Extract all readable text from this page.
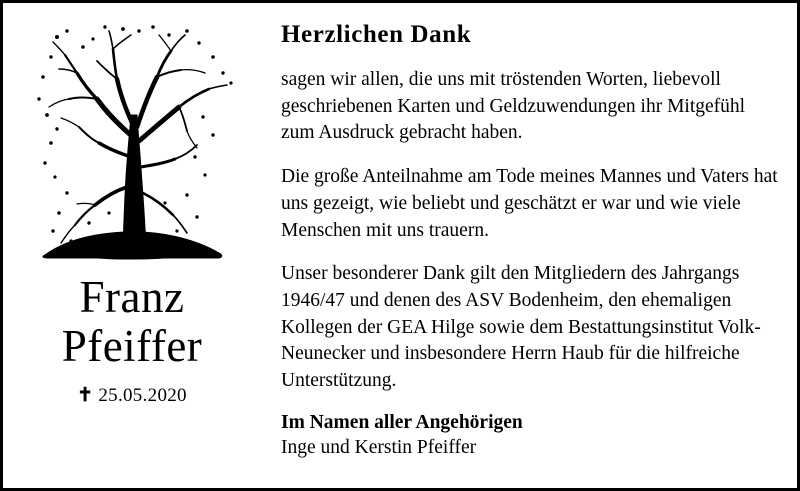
Franz
Pfeiffer
✝ 25.05.2020
Herzlichen Dank

sagen wir allen, die uns mit tröstenden Worten, liebevoll geschriebenen Karten und Geldzuwendungen ihr Mitgefühl zum Ausdruck gebracht haben.

Die große Anteilnahme am Tode meines Mannes und Vaters hat uns gezeigt, wie beliebt und geschätzt er war und wie viele Menschen mit uns trauern.

Unser besonderer Dank gilt den Mitgliedern des Jahrgangs 1946/47 und denen des ASV Bodenheim, den ehemaligen Kollegen der GEA Hilge sowie dem Bestattungsinstitut Volk-Neunecker und insbesondere Herrn Haub für die hilfreiche Unterstützung.

Im Namen aller Angehörigen

Inge und Kerstin Pfeiffer
